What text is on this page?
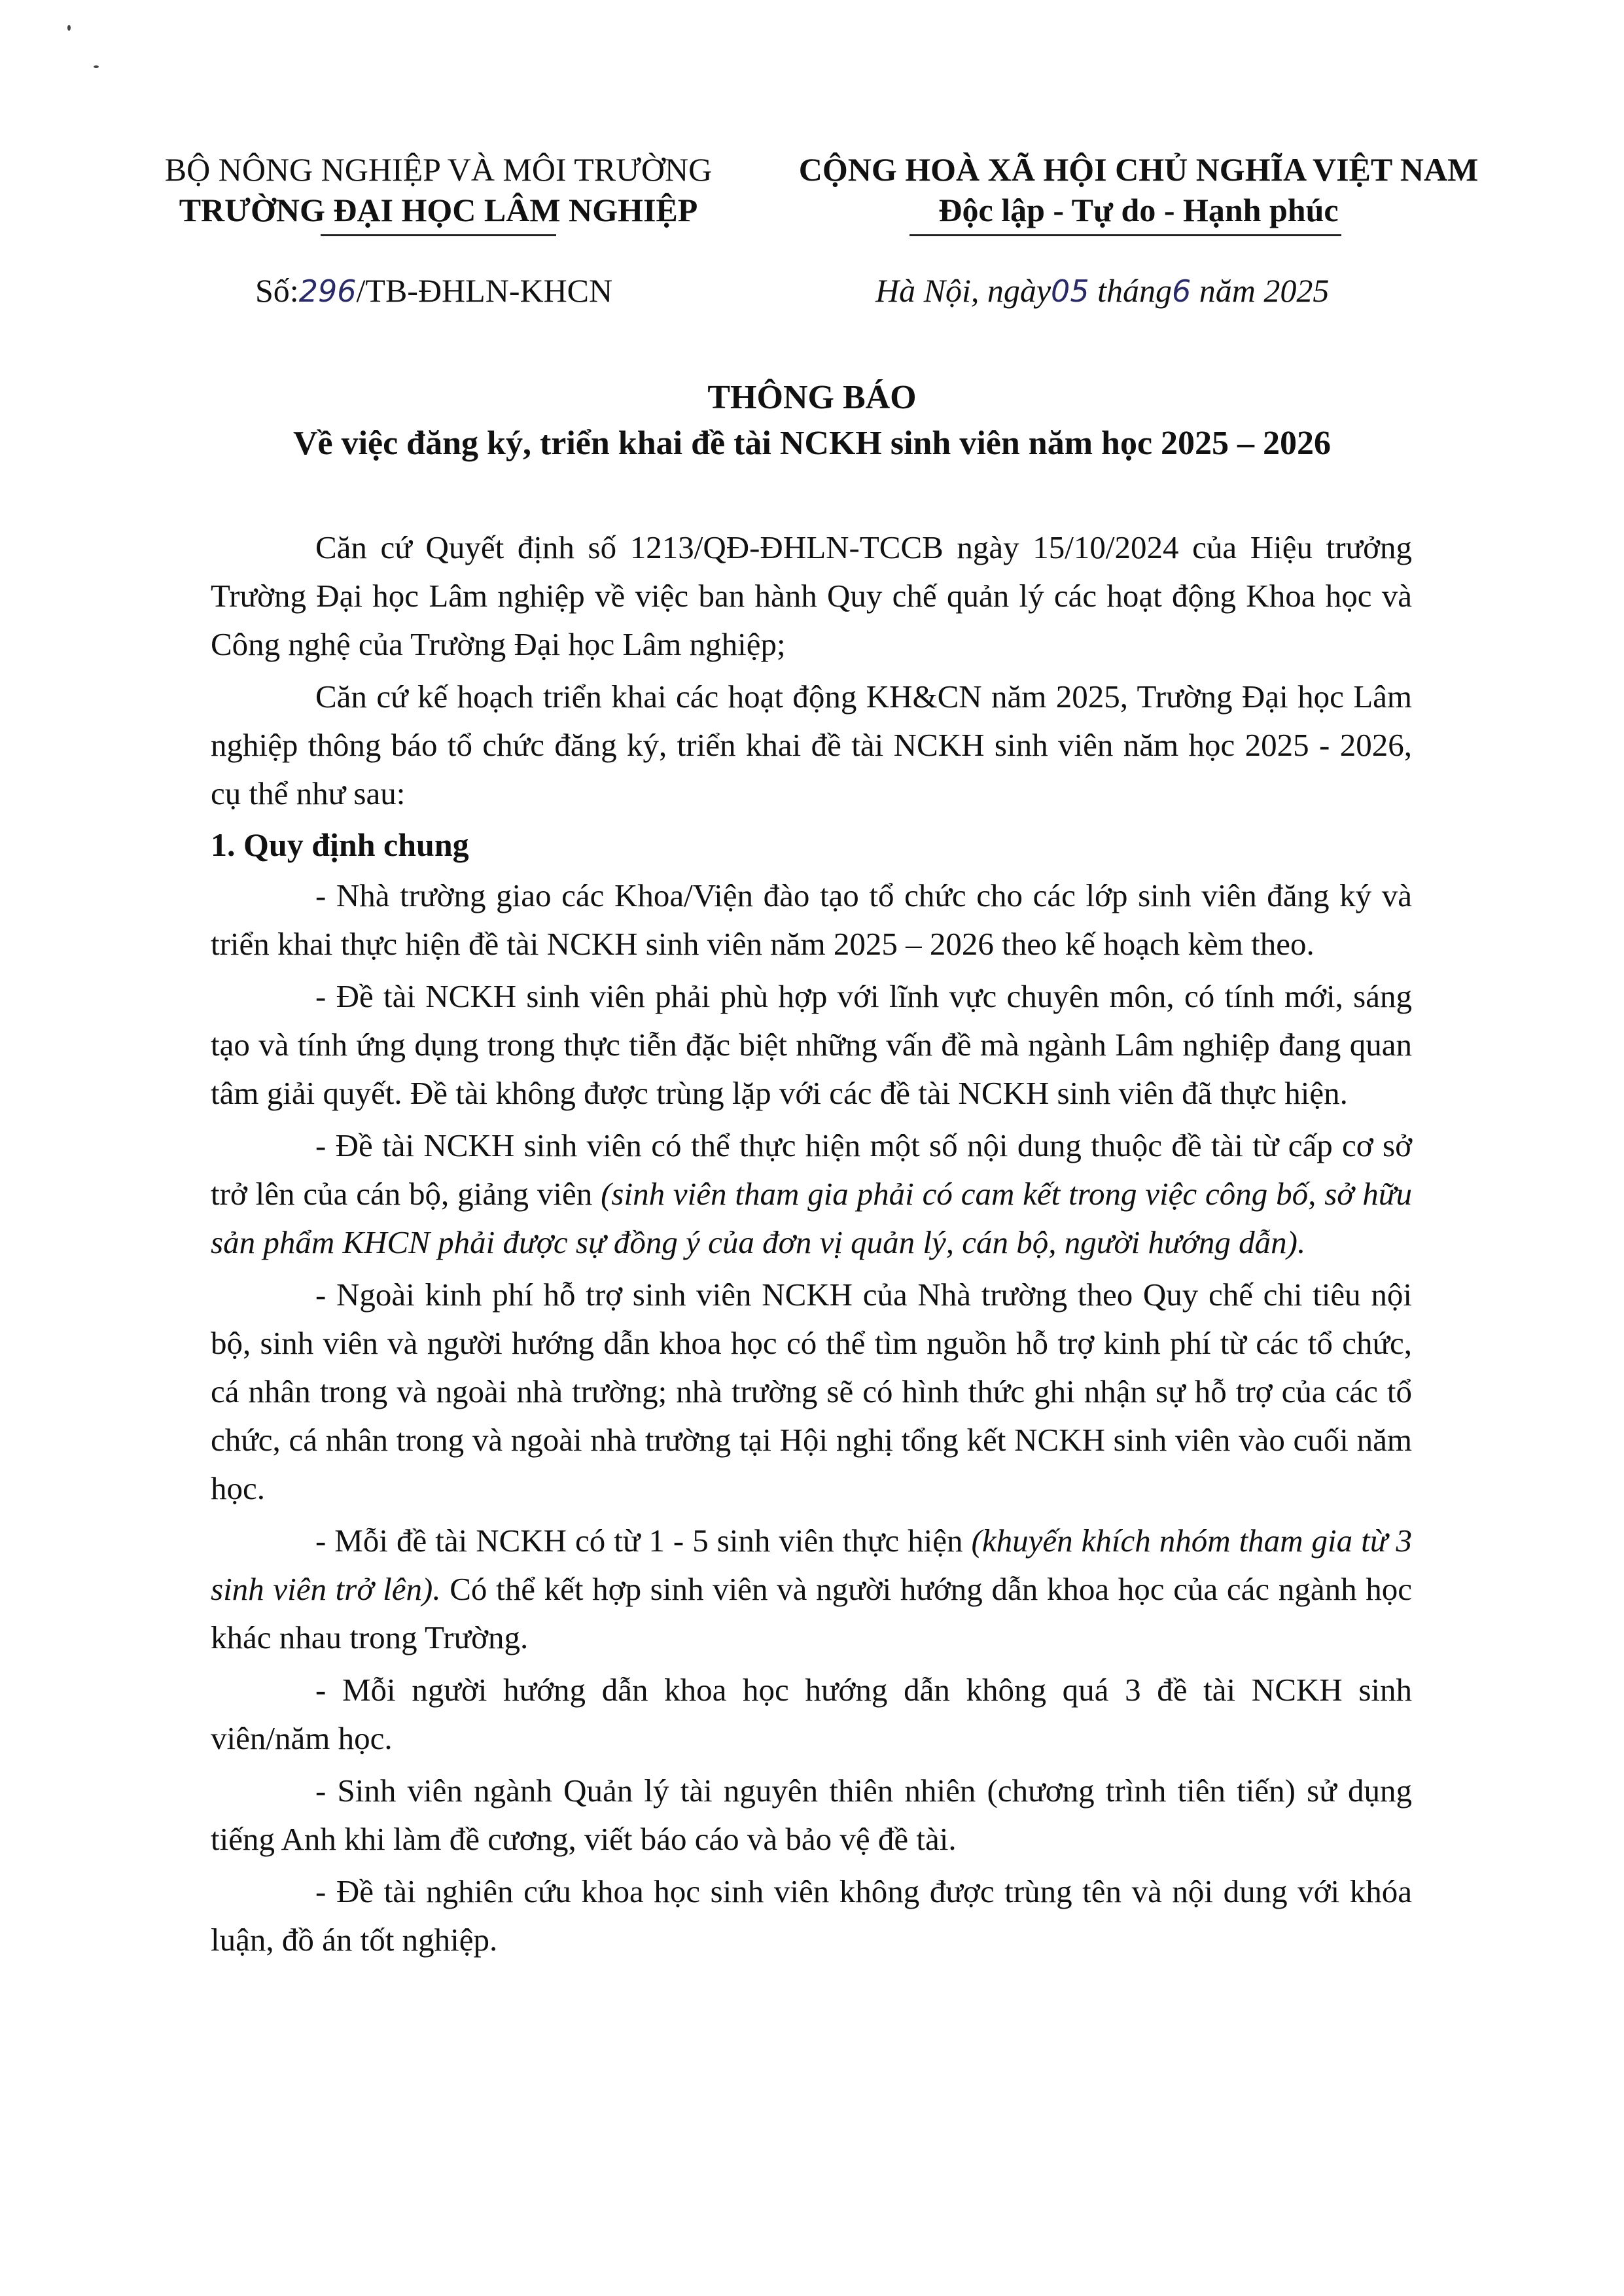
BỘ NÔNG NGHIỆP VÀ MÔI TRƯỜNG
TRƯỜNG ĐẠI HỌC LÂM NGHIỆP
Số:296/TB-ĐHLN-KHCN
CỘNG HOÀ XÃ HỘI CHỦ NGHĨA VIỆT NAM
Độc lập - Tự do - Hạnh phúc
Hà Nội, ngày05 tháng6 năm 2025
THÔNG BÁO
Về việc đăng ký, triển khai đề tài NCKH sinh viên năm học 2025 – 2026

Căn cứ Quyết định số 1213/QĐ-ĐHLN-TCCB ngày 15/10/2024 của Hiệu trưởng Trường Đại học Lâm nghiệp về việc ban hành Quy chế quản lý các hoạt động Khoa học và Công nghệ của Trường Đại học Lâm nghiệp;

Căn cứ kế hoạch triển khai các hoạt động KH&CN năm 2025, Trường Đại học Lâm nghiệp thông báo tổ chức đăng ký, triển khai đề tài NCKH sinh viên năm học 2025 - 2026, cụ thể như sau:

1. Quy định chung

- Nhà trường giao các Khoa/Viện đào tạo tổ chức cho các lớp sinh viên đăng ký và triển khai thực hiện đề tài NCKH sinh viên năm 2025 – 2026 theo kế hoạch kèm theo.

- Đề tài NCKH sinh viên phải phù hợp với lĩnh vực chuyên môn, có tính mới, sáng tạo và tính ứng dụng trong thực tiễn đặc biệt những vấn đề mà ngành Lâm nghiệp đang quan tâm giải quyết. Đề tài không được trùng lặp với các đề tài NCKH sinh viên đã thực hiện.

- Đề tài NCKH sinh viên có thể thực hiện một số nội dung thuộc đề tài từ cấp cơ sở trở lên của cán bộ, giảng viên (sinh viên tham gia phải có cam kết trong việc công bố, sở hữu sản phẩm KHCN phải được sự đồng ý của đơn vị quản lý, cán bộ, người hướng dẫn).

- Ngoài kinh phí hỗ trợ sinh viên NCKH của Nhà trường theo Quy chế chi tiêu nội bộ, sinh viên và người hướng dẫn khoa học có thể tìm nguồn hỗ trợ kinh phí từ các tổ chức, cá nhân trong và ngoài nhà trường; nhà trường sẽ có hình thức ghi nhận sự hỗ trợ của các tổ chức, cá nhân trong và ngoài nhà trường tại Hội nghị tổng kết NCKH sinh viên vào cuối năm học.

- Mỗi đề tài NCKH có từ 1 - 5 sinh viên thực hiện (khuyến khích nhóm tham gia từ 3 sinh viên trở lên). Có thể kết hợp sinh viên và người hướng dẫn khoa học của các ngành học khác nhau trong Trường.

- Mỗi người hướng dẫn khoa học hướng dẫn không quá 3 đề tài NCKH sinh viên/năm học.

- Sinh viên ngành Quản lý tài nguyên thiên nhiên (chương trình tiên tiến) sử dụng tiếng Anh khi làm đề cương, viết báo cáo và bảo vệ đề tài.

- Đề tài nghiên cứu khoa học sinh viên không được trùng tên và nội dung với khóa luận, đồ án tốt nghiệp.
